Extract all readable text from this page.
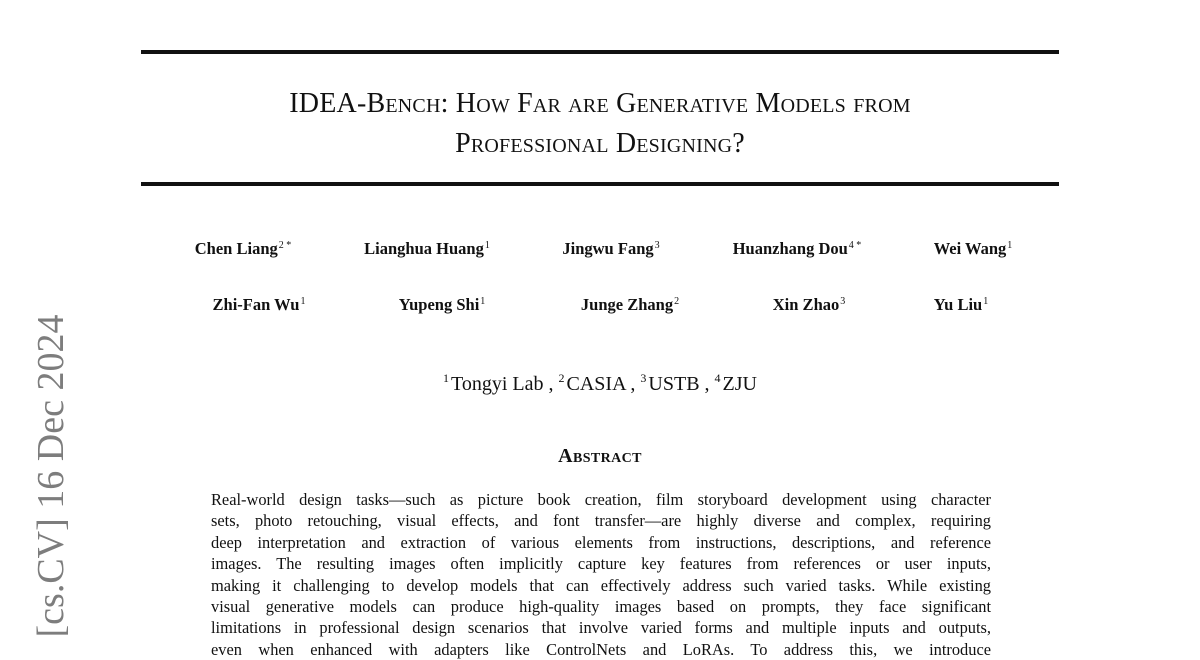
IDEA-Bench: How Far are Generative Models from
Professional Designing?
Chen Liang$^{2 *}$	Lianghua Huang$^1$	Jingwu Fang$^3$	Huanzhang Dou$^{4 *}$	Wei Wang$^1$
Zhi-Fan Wu$^1$	Yupeng Shi$^1$	Junge Zhang$^2$	Xin Zhao$^3$	Yu Liu$^1$
$^1$ Tongyi Lab , $^2$ CASIA , $^3$ USTB , $^4$ ZJU
Abstract
Real-world design tasks—such as picture book creation, film storyboard development using character
sets, photo retouching, visual effects, and font transfer—are highly diverse and complex, requiring
deep interpretation and extraction of various elements from instructions, descriptions, and reference
images. The resulting images often implicitly capture key features from references or user inputs,
making it challenging to develop models that can effectively address such varied tasks. While existing
visual generative models can produce high-quality images based on prompts, they face significant
limitations in professional design scenarios that involve varied forms and multiple inputs and outputs,
even when enhanced with adapters like ControlNets and LoRAs. To address this, we introduce
[cs.CV] 16 Dec 2024
